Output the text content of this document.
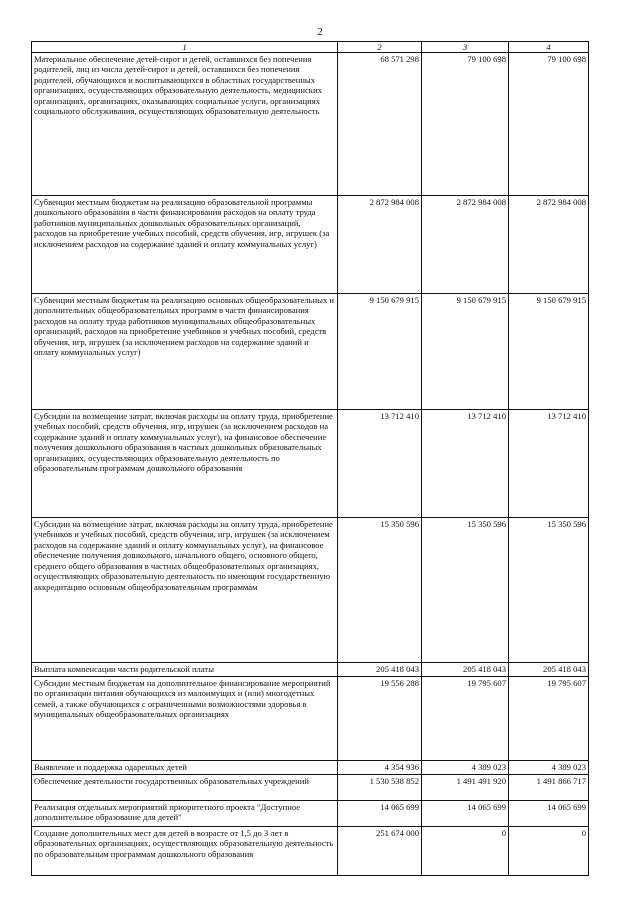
2
1	2	3	4
Материальное обеспечение детей-сирот и детей, оставшихся без попечения родителей, лиц из числа детей-сирот и детей, оставшихся без попечения родителей, обучающихся и воспитывающихся в областных государственных организациях, осуществляющих образовательную деятельность, медицинских организациях, организациях, оказывающих социальные услуги, организациях социального обслуживания, осуществляющих образовательную деятельность	68 571 298	79 100 698	79 100 698
Субвенции местным бюджетам на реализацию образовательной программы дошкольного образования в части финансирования расходов на оплату труда работников муниципальных дошкольных образовательных организаций, расходов на приобретение учебных пособий, средств обучения, игр, игрушек (за исключением расходов на содержание зданий и оплату коммунальных услуг)	2 872 984 008	2 872 984 008	2 872 984 008
Субвенции местным бюджетам на реализацию основных общеобразовательных и дополнительных общеобразовательных программ в части финансирования расходов на оплату труда работников муниципальных общеобразовательных организаций, расходов на приобретение учебников и учебных пособий, средств обучения, игр, игрушек (за исключением расходов на содержание зданий и оплату коммунальных услуг)	9 150 679 915	9 150 679 915	9 150 679 915
Субсидии на возмещение затрат, включая расходы на оплату труда, приобретение учебных пособий, средств обучения, игр, игрушек (за исключением расходов на содержание зданий и оплату коммунальных услуг), на финансовое обеспечение получения дошкольного образования в частных дошкольных образовательных организациях, осуществляющих образовательную деятельность по образовательным программам дошкольного образования	13 712 410	13 712 410	13 712 410
Субсидии на возмещение затрат, включая расходы на оплату труда, приобретение учебников и учебных пособий, средств обучения, игр, игрушек (за исключением расходов на содержание зданий и оплату коммунальных услуг), на финансовое обеспечение получения дошкольного, начального общего, основного общего, среднего общего образования в частных общеобразовательных организациях, осуществляющих образовательную деятельность по имеющим государственную аккредитацию основным общеобразовательным программам	15 350 596	15 350 596	15 350 596
Выплата компенсации части родительской платы	205 418 043	205 418 043	205 418 043
Субсидии местным бюджетам на дополнительное финансирование мероприятий по организации питания обучающихся из малоимущих и (или) многодетных семей, а также обучающихся с ограниченными возможностями здоровья в муниципальных общеобразовательных организациях	19 556 288	19 795 607	19 795 607
Выявление и поддержка одаренных детей	4 354 936	4 389 023	4 389 023
Обеспечение деятельности государственных образовательных учреждений	1 530 538 852	1 491 491 920	1 491 866 717
Реализация отдельных мероприятий приоритетного проекта "Доступное дополнительное образование для детей"	14 065 699	14 065 699	14 065 699
Создание дополнительных мест для детей в возрасте от 1,5 до 3 лет в образовательных организациях, осуществляющих образовательную деятельность по образовательным программам дошкольного образования	251 674 000	0	0
